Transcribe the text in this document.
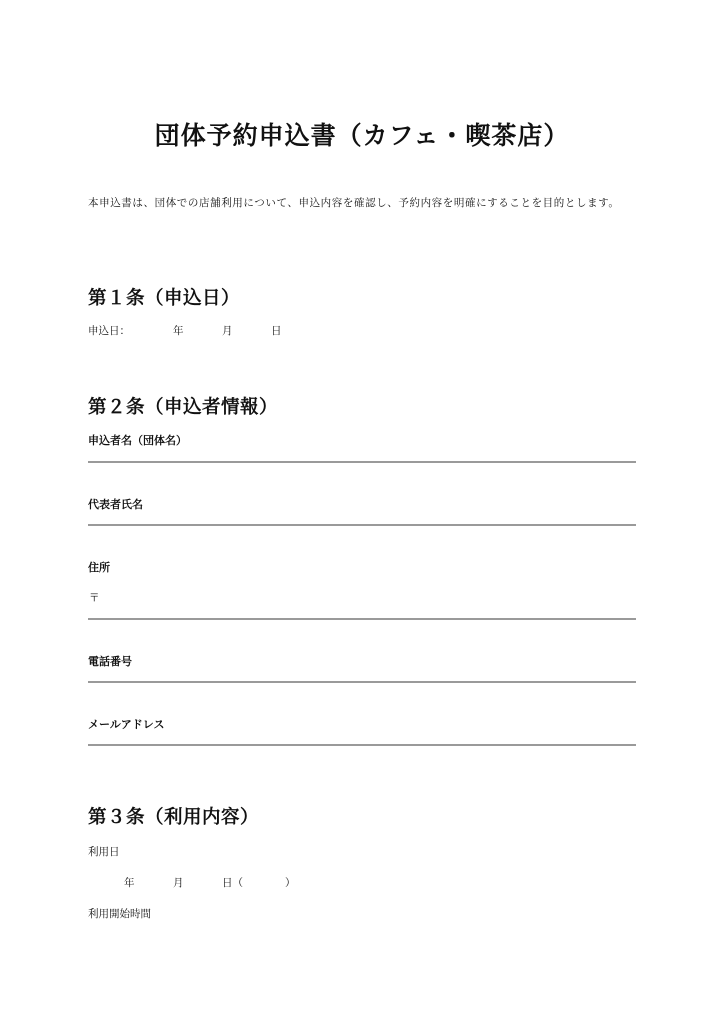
団体予約申込書（カフェ・喫茶店）
本申込書は、団体での店舗利用について、申込内容を確認し、予約内容を明確にすることを目的とします。
第１条（申込日）
申込日：	年	月	日
第２条（申込者情報）
申込者名（団体名）
代表者氏名
住所
〒
電話番号
メールアドレス
第３条（利用内容）
利用日
年	月	日（　　　　）
利用開始時間
